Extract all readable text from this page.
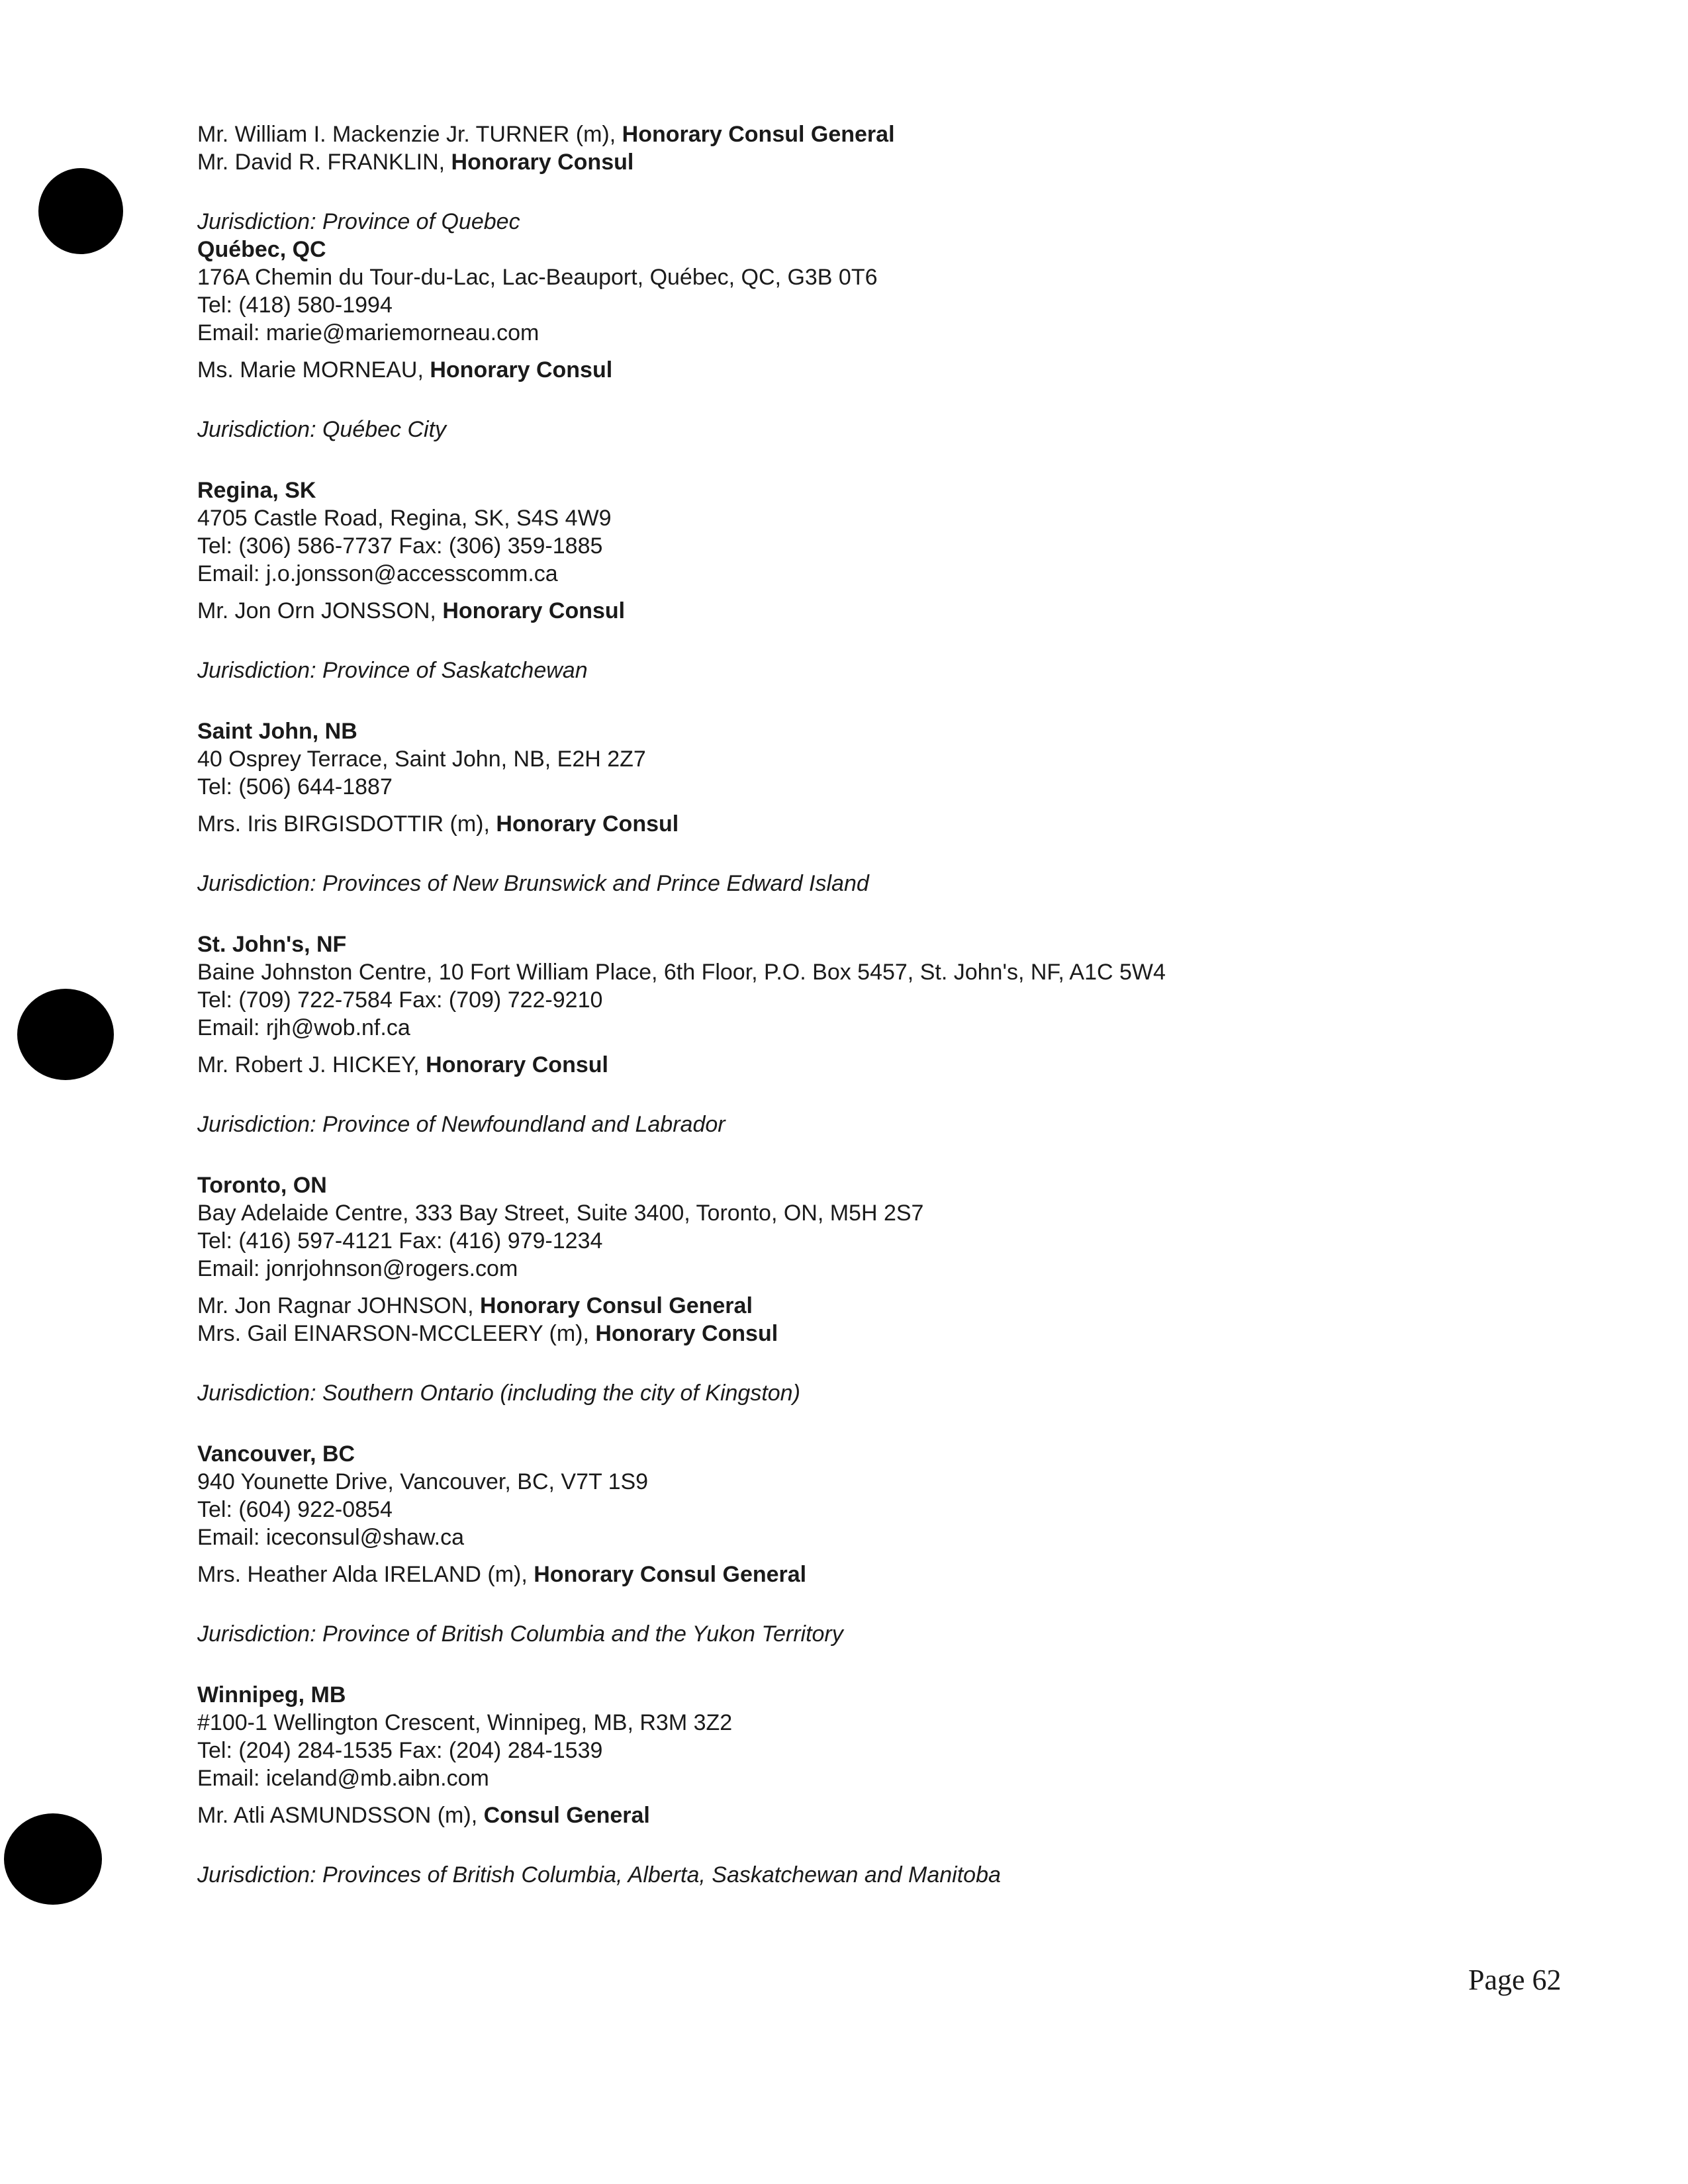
Mr. William I. Mackenzie Jr. TURNER (m), Honorary Consul General
Mr. David R. FRANKLIN, Honorary Consul
Jurisdiction: Province of Quebec
Québec, QC
176A Chemin du Tour-du-Lac, Lac-Beauport, Québec, QC, G3B 0T6
Tel: (418) 580-1994
Email: marie@mariemorneau.com
Ms. Marie MORNEAU, Honorary Consul
Jurisdiction: Québec City
Regina, SK
4705 Castle Road, Regina, SK, S4S 4W9
Tel: (306) 586-7737 Fax: (306) 359-1885
Email: j.o.jonsson@accesscomm.ca
Mr. Jon Orn JONSSON, Honorary Consul
Jurisdiction: Province of Saskatchewan
Saint John, NB
40 Osprey Terrace, Saint John, NB, E2H 2Z7
Tel: (506) 644-1887
Mrs. Iris BIRGISDOTTIR (m), Honorary Consul
Jurisdiction: Provinces of New Brunswick and Prince Edward Island
St. John's, NF
Baine Johnston Centre, 10 Fort William Place, 6th Floor, P.O. Box 5457, St. John's, NF, A1C 5W4
Tel: (709) 722-7584 Fax: (709) 722-9210
Email: rjh@wob.nf.ca
Mr. Robert J. HICKEY, Honorary Consul
Jurisdiction: Province of Newfoundland and Labrador
Toronto, ON
Bay Adelaide Centre, 333 Bay Street, Suite 3400, Toronto, ON, M5H 2S7
Tel: (416) 597-4121 Fax: (416) 979-1234
Email: jonrjohnson@rogers.com
Mr. Jon Ragnar JOHNSON, Honorary Consul General
Mrs. Gail EINARSON-MCCLEERY (m), Honorary Consul
Jurisdiction: Southern Ontario (including the city of Kingston)
Vancouver, BC
940 Younette Drive, Vancouver, BC, V7T 1S9
Tel: (604) 922-0854
Email: iceconsul@shaw.ca
Mrs. Heather Alda IRELAND (m), Honorary Consul General
Jurisdiction: Province of British Columbia and the Yukon Territory
Winnipeg, MB
#100-1 Wellington Crescent, Winnipeg, MB, R3M 3Z2
Tel: (204) 284-1535 Fax: (204) 284-1539
Email: iceland@mb.aibn.com
Mr. Atli ASMUNDSSON (m), Consul General
Jurisdiction: Provinces of British Columbia, Alberta, Saskatchewan and Manitoba
Page 62
